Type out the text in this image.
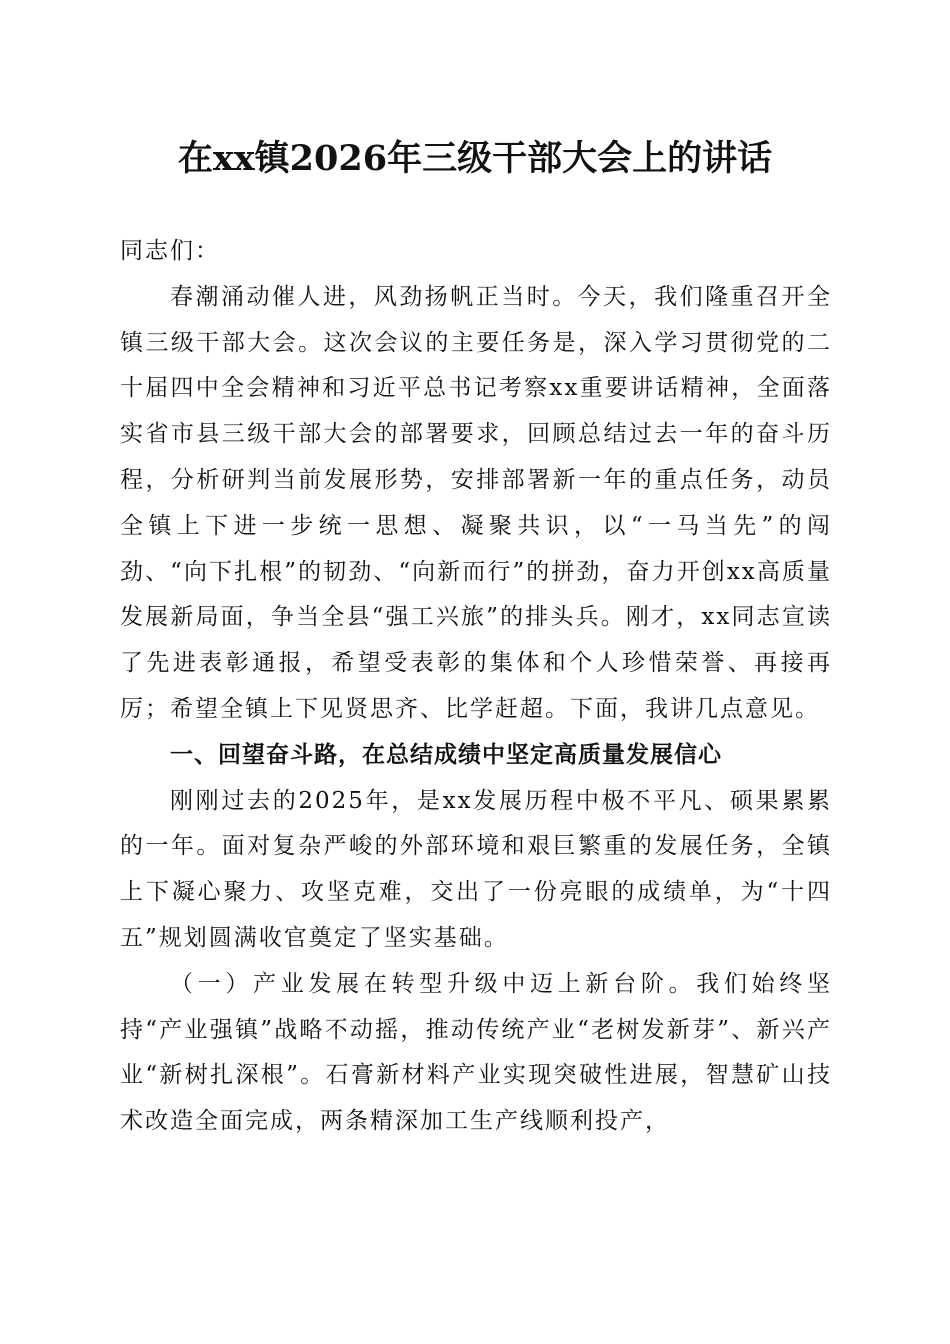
在xx镇2026年三级干部大会上的讲话

同志们：

春潮涌动催人进，风劲扬帆正当时。今天，我们隆重召开全镇三级干部大会。这次会议的主要任务是，深入学习贯彻党的二十届四中全会精神和习近平总书记考察xx重要讲话精神，全面落实省市县三级干部大会的部署要求，回顾总结过去一年的奋斗历程，分析研判当前发展形势，安排部署新一年的重点任务，动员全镇上下进一步统一思想、凝聚共识，以“一马当先”的闯劲、“向下扎根”的韧劲、“向新而行”的拼劲，奋力开创xx高质量发展新局面，争当全县“强工兴旅”的排头兵。刚才，xx同志宣读了先进表彰通报，希望受表彰的集体和个人珍惜荣誉、再接再厉；希望全镇上下见贤思齐、比学赶超。下面，我讲几点意见。

一、回望奋斗路，在总结成绩中坚定高质量发展信心

刚刚过去的2025年，是xx发展历程中极不平凡、硕果累累的一年。面对复杂严峻的外部环境和艰巨繁重的发展任务，全镇上下凝心聚力、攻坚克难，交出了一份亮眼的成绩单，为“十四五”规划圆满收官奠定了坚实基础。

（一）产业发展在转型升级中迈上新台阶。我们始终坚持“产业强镇”战略不动摇，推动传统产业“老树发新芽”、新兴产业“新树扎深根”。石膏新材料产业实现突破性进展，智慧矿山技术改造全面完成，两条精深加工生产线顺利投产，
